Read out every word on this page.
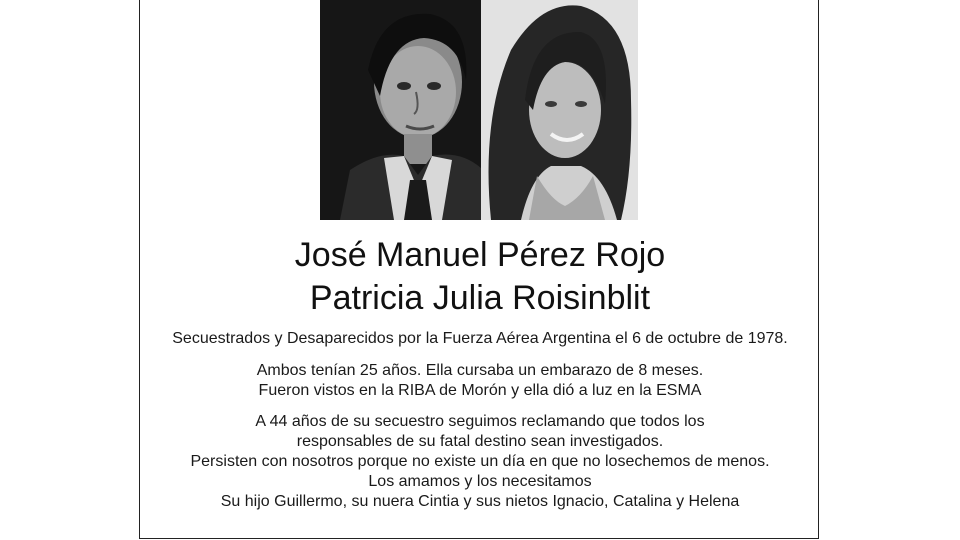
José Manuel Pérez Rojo
Patricia Julia Roisinblit
Secuestrados y Desaparecidos por la Fuerza Aérea Argentina el 6 de octubre de 1978.
Ambos tenían 25 años. Ella cursaba un embarazo de 8 meses.
Fueron vistos en la RIBA de Morón y ella dió a luz en la ESMA
A 44 años de su secuestro seguimos reclamando que todos los
responsables de su fatal destino sean investigados.
Persisten con nosotros porque no existe un día en que no losechemos de menos.
Los amamos y los necesitamos
Su hijo Guillermo, su nuera Cintia y sus nietos Ignacio, Catalina y Helena
